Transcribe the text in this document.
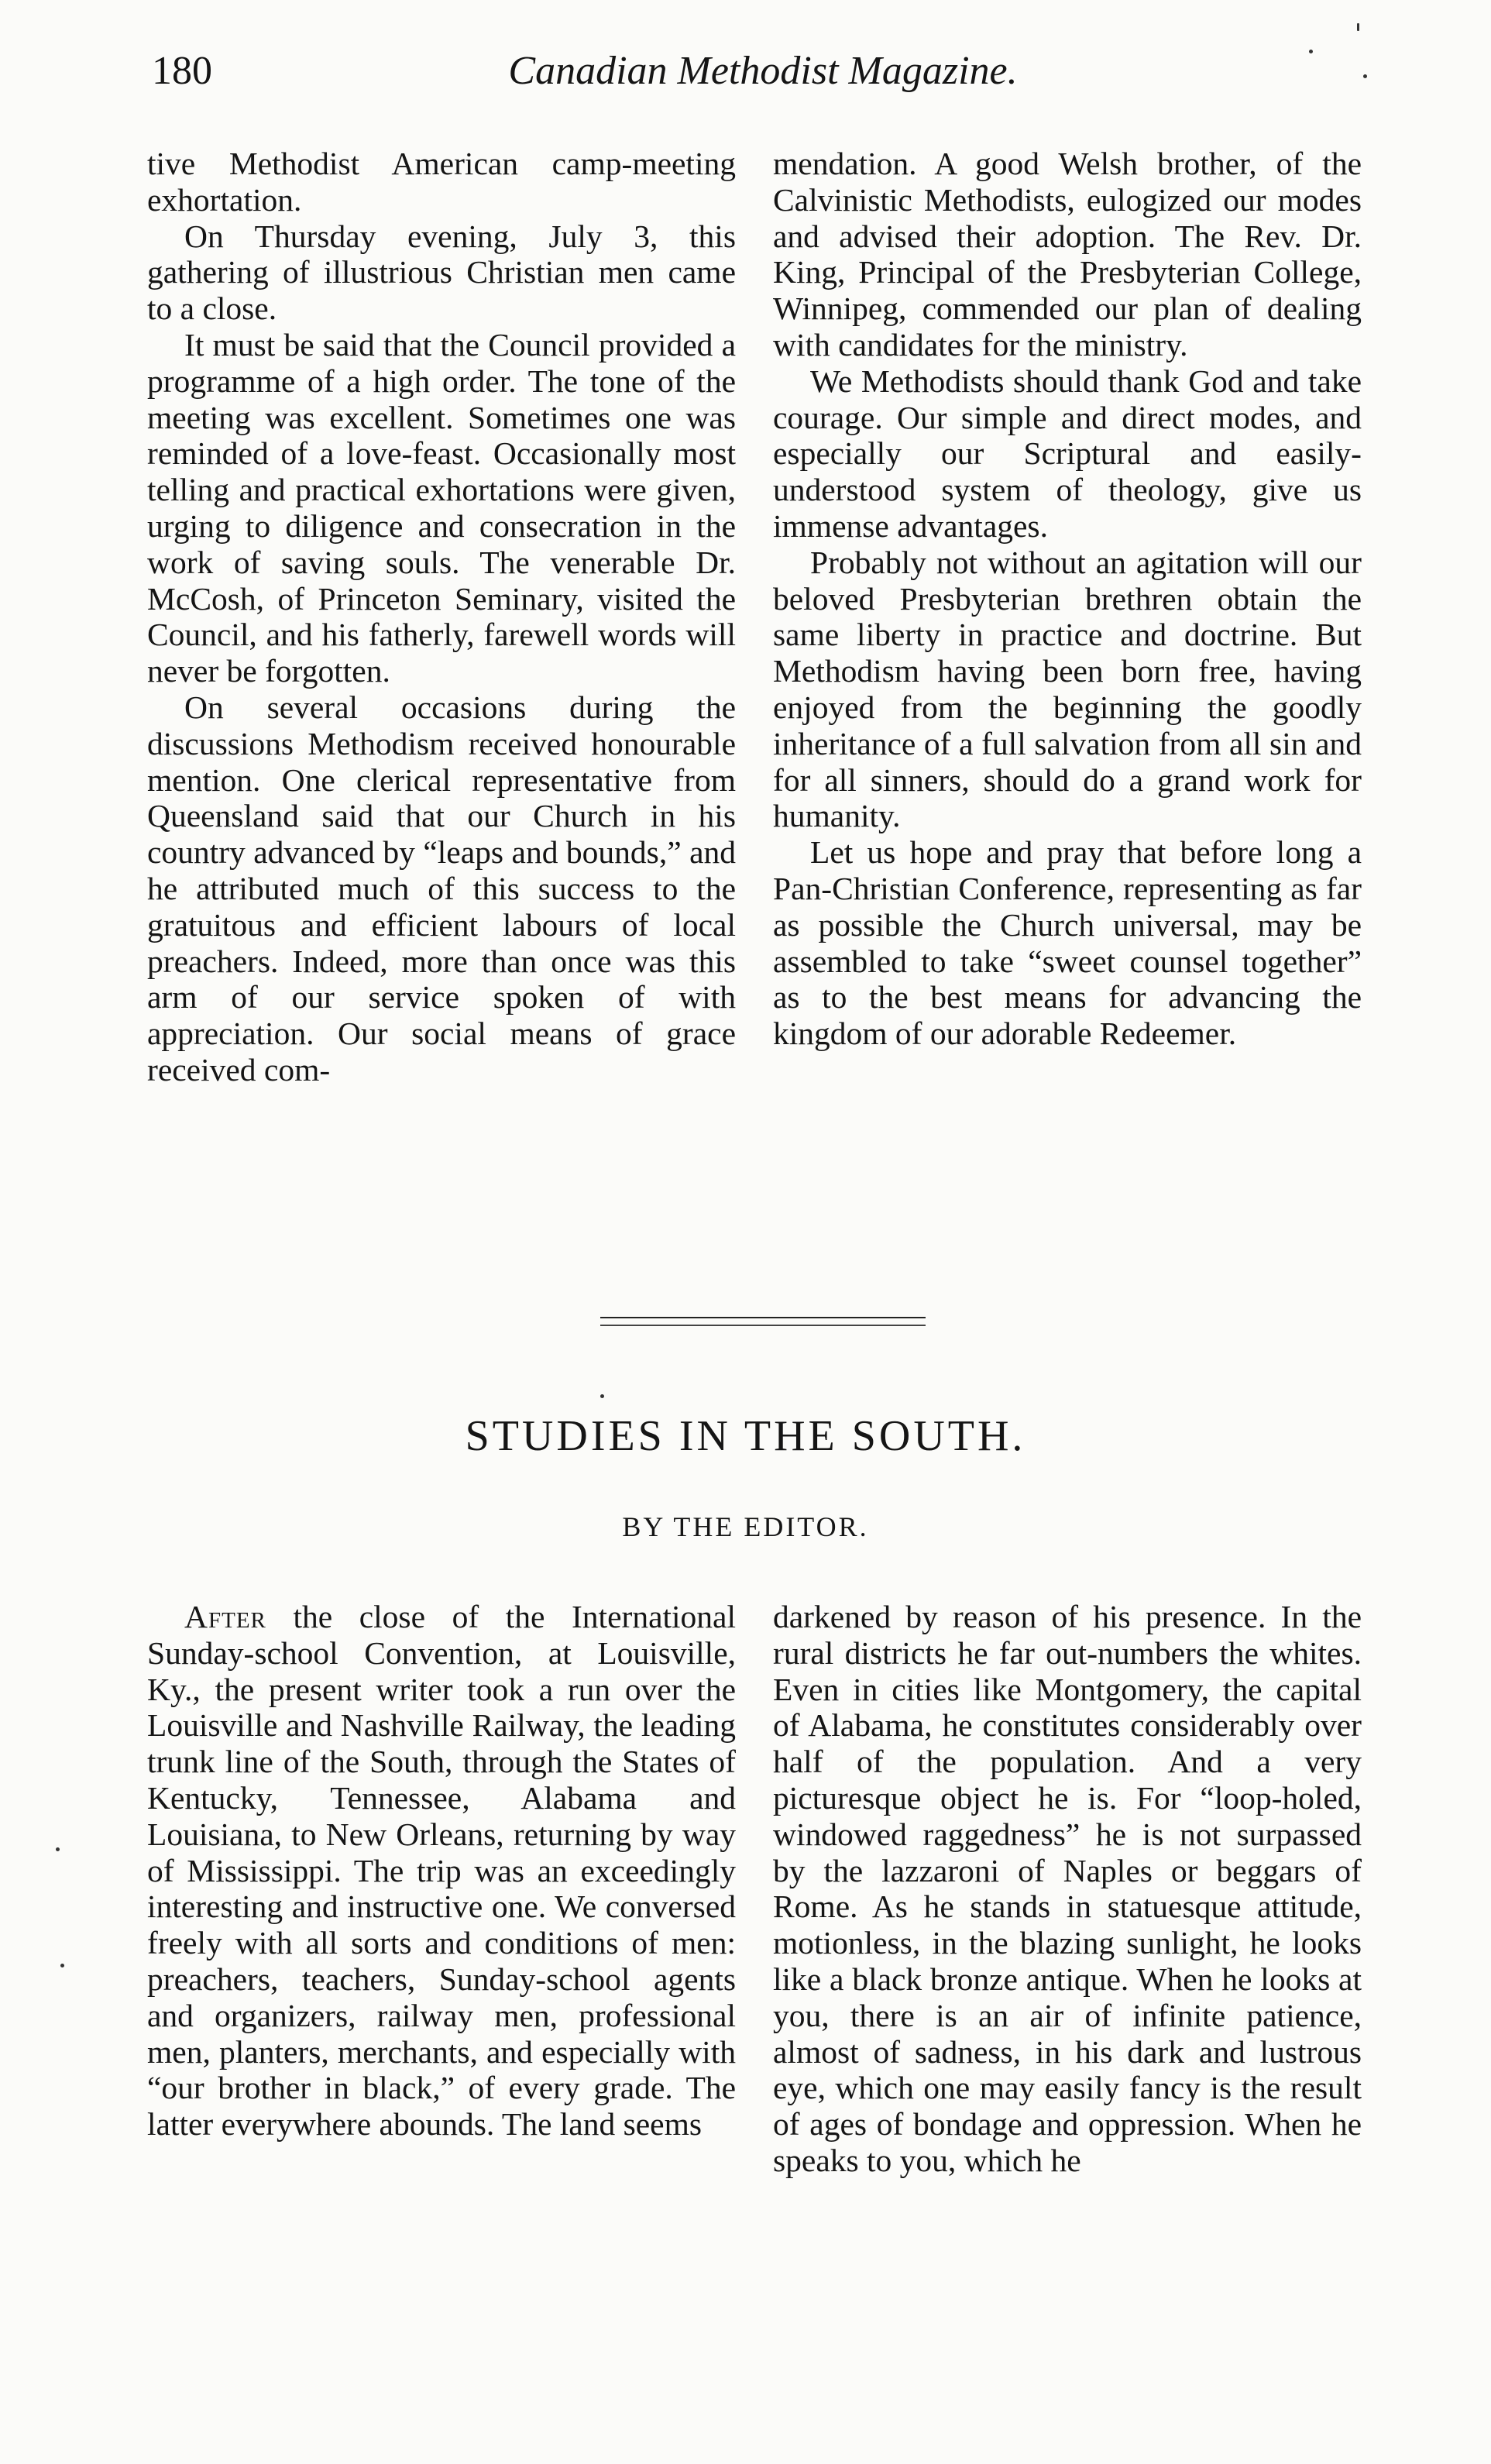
180	Canadian Methodist Magazine.

tive Methodist American camp-meeting exhortation.

On Thursday evening, July 3, this gathering of illustrious Christian men came to a close.

It must be said that the Council provided a programme of a high order. The tone of the meeting was excellent. Sometimes one was reminded of a love-feast. Occasionally most telling and practical exhortations were given, urging to diligence and consecration in the work of saving souls. The venerable Dr. McCosh, of Princeton Seminary, visited the Council, and his fatherly, farewell words will never be forgotten.

On several occasions during the discussions Methodism received honourable mention. One clerical representative from Queensland said that our Church in his country advanced by “leaps and bounds,” and he attributed much of this success to the gratuitous and efficient labours of local preachers. Indeed, more than once was this arm of our service spoken of with appreciation. Our social means of grace received com-

mendation. A good Welsh brother, of the Calvinistic Methodists, eulogized our modes and advised their adoption. The Rev. Dr. King, Principal of the Presbyterian College, Winnipeg, commended our plan of dealing with candidates for the ministry.

We Methodists should thank God and take courage. Our simple and direct modes, and especially our Scriptural and easily-understood system of theology, give us immense advantages.

Probably not without an agitation will our beloved Presbyterian brethren obtain the same liberty in practice and doctrine. But Methodism having been born free, having enjoyed from the beginning the goodly inheritance of a full salvation from all sin and for all sinners, should do a grand work for humanity.

Let us hope and pray that before long a Pan-Christian Conference, representing as far as possible the Church universal, may be assembled to take “sweet counsel together” as to the best means for advancing the kingdom of our adorable Redeemer.

STUDIES IN THE SOUTH.
BY THE EDITOR.

After the close of the International Sunday-school Convention, at Louisville, Ky., the present writer took a run over the Louisville and Nashville Railway, the leading trunk line of the South, through the States of Kentucky, Tennessee, Alabama and Louisiana, to New Orleans, returning by way of Mississippi. The trip was an exceedingly interesting and instructive one. We conversed freely with all sorts and conditions of men: preachers, teachers, Sunday-school agents and organizers, railway men, professional men, planters, merchants, and especially with “our brother in black,” of every grade. The latter everywhere abounds. The land seems

darkened by reason of his presence. In the rural districts he far out-numbers the whites. Even in cities like Montgomery, the capital of Alabama, he constitutes considerably over half of the population. And a very picturesque object he is. For “loop-holed, windowed raggedness” he is not surpassed by the lazzaroni of Naples or beggars of Rome. As he stands in statuesque attitude, motionless, in the blazing sunlight, he looks like a black bronze antique. When he looks at you, there is an air of infinite patience, almost of sadness, in his dark and lustrous eye, which one may easily fancy is the result of ages of bondage and oppression. When he speaks to you, which he
